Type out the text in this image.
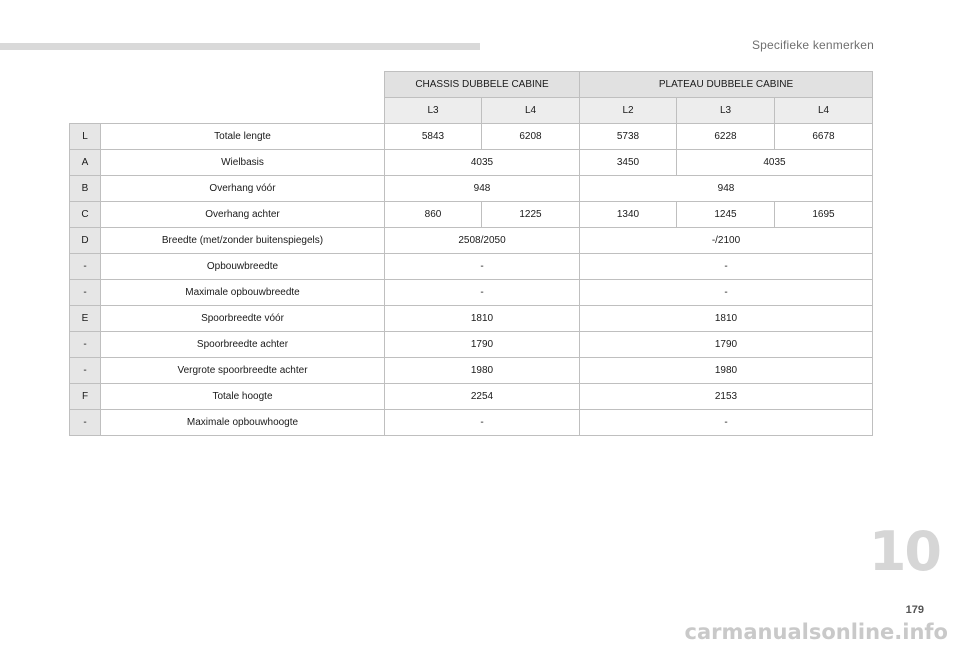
Specifieke kenmerken
		CHASSIS DUBBELE CABINE		PLATEAU DUBBELE CABINE		
		L3	L4	L2	L3	L4
L	Totale lengte	5843	6208	5738	6228	6678
A	Wielbasis	4035		3450	4035	
B	Overhang vóór	948		948		
C	Overhang achter	860	1225	1340	1245	1695
D	Breedte (met/zonder buitenspiegels)	2508/2050		-/2100		
-	Opbouwbreedte	-		-		
-	Maximale opbouwbreedte	-		-		
E	Spoorbreedte vóór	1810		1810		
-	Spoorbreedte achter	1790		1790		
-	Vergrote spoorbreedte achter	1980		1980		
F	Totale hoogte	2254		2153		
-	Maximale opbouwhoogte	-		-		
10
179
carmanualsonline.info
